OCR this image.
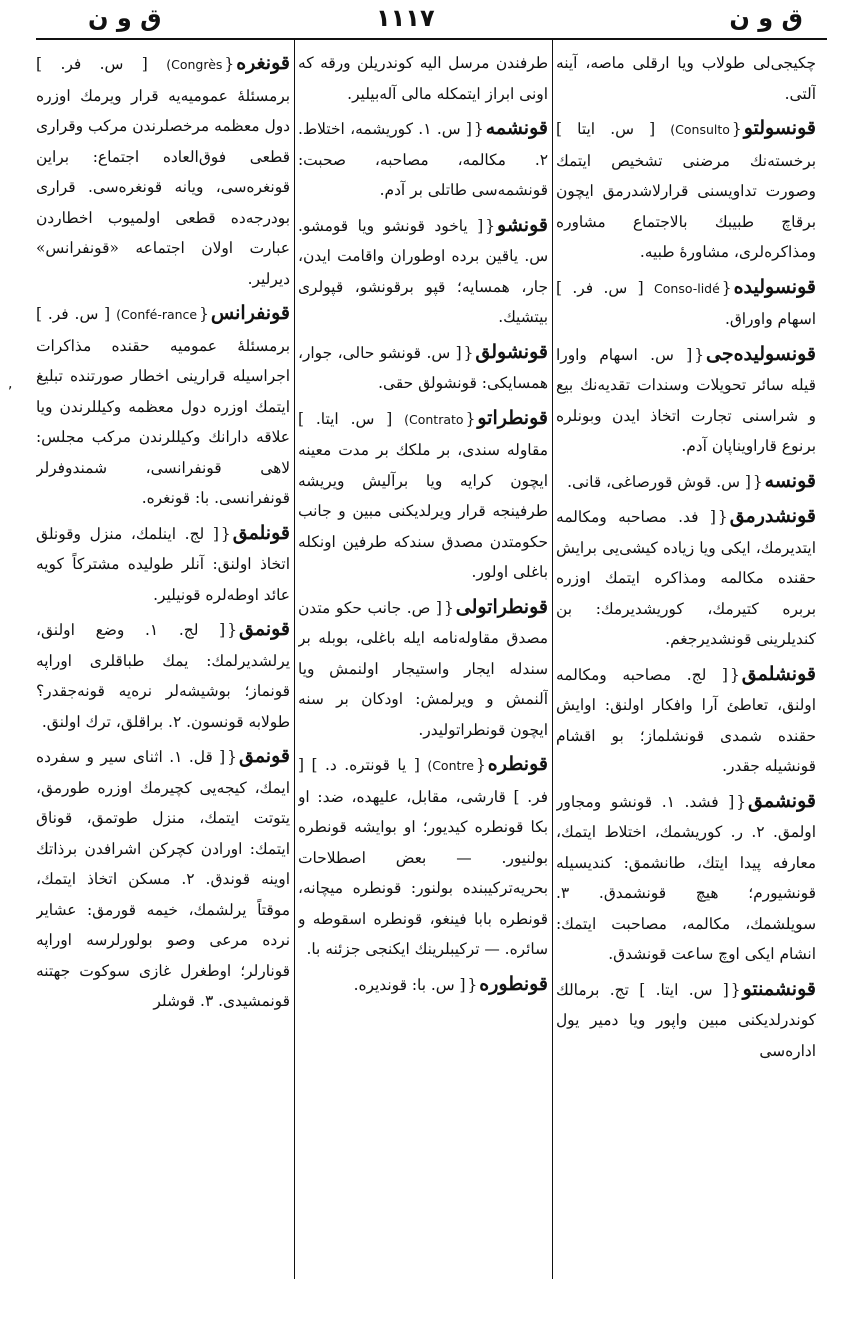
ق و ن
١١١٧
ق و ن
,
چكيجى‌لى طولاب ويا ارقلى ماصه، آينه آلتى.
قونسولتو{(Consulto [ س. ايتا ] برخسته‌نك مرضنى تشخيص ايتمك وصورت تداويسنى قرارلاشدرمق ايچون برقاچ طبيبك بالاجتماع مشاوره ومذاكره‌لرى، مشاورهٔ طبيه.
قونسوليده{Conso-lidé [ س. فر. ] اسهام واوراق.
قونسوليده‌جى{[ س. اسهام واورا قيله سائر تحويلات وسندات تقديه‌نك بيع و شراسنى تجارت اتخاذ ايدن وبونلره برنوع قاراويناپان آدم.
قونسه{[ س. قوش قورصاغى، قانى.
قونشدرمق{[ فد. مصاحبه ومكالمه ايتديرمك، ايكى ويا زياده كيشى‌يى برايش حقنده مكالمه ومذاكره ايتمك اوزره بربره كتيرمك، كوريشديرمك: بن كنديلرينى قونشديرجغم.
قونشلمق{[ لج. مصاحبه ومكالمه اولنق، تعاطئ آرا وافكار اولنق: اوايش حقنده شمدى قونشلماز؛ بو اقشام قونشيله جقدر.
قونشمق{[ فشد. ١. قونشو ومجاور اولمق. ٢. ر. كوريشمك، اختلاط ايتمك، معارفه پيدا ايتك، طانشمق: كنديسيله قونشيورم؛ هيچ قونشمدق. ٣. سويلشمك، مكالمه، مصاحبت ايتمك: انشام ايكى اوچ ساعت قونشدق.
قونشمنتو{[ س. ايتا. ] تج. برمالك كوندرلديكنى مبين واپور ويا دمير يول اداره‌سى
طرفندن مرسل اليه كوندريلن ورقه كه اونى ابراز ايتمكله مالى آله‌بيلير.
قونشمه{[ س. ١. كوريشمه، اختلاط. ٢. مكالمه، مصاحبه، صحبت: قونشمه‌سى طاتلى بر آدم.
قونشو{[ ياخود قونشو ويا قومشو. س. ياقين برده اوطوران واقامت ايدن، جار، همسايه؛ قپو برقونشو، قپولرى بيتشيك.
قونشولق{[ س. قونشو حالى، جوار، همسايكى: قونشولق حقى.
قونطراتو{(Contrato [ س. ايتا. ] مقاوله سندى، بر ملكك بر مدت معينه ايچون كرايه ويا برآليش ويريشه طرفينجه قرار ويرلديكنى مبين و جانب حكومتدن مصدق سندكه طرفين اونكله باغلى اولور.
قونطراتولى{[ ص. جانب حكو متدن مصدق مقاوله‌نامه ايله باغلى، بوبله بر سندله ايجار واستيجار اولنمش ويا آلنمش و ويرلمش: اودكان بر سنه ايچون قونطراتوليدر.
قونطره{(Contre [ يا قونتره. د. ] [ فر. ] قارشى، مقابل، عليهده، ضد: او بكا قونطره كيديور؛ او بوايشه قونطره بولنيور. — بعض اصطلاحات بحريه‌تركيبنده بولنور: قونطره ميچانه، قونطره بابا فينغو، قونطره اسقوطه و سائره. — تركيبلرينك ايكنجى جزئنه با.
قونطوره{[ س. با: قونديره.
قونغره{(Congrès [ س. فر. ] برمسئلهٔ عموميه‌يه قرار ويرمك اوزره دول معظمه مرخصلرندن مركب وقرارى قطعى فوق‌العاده اجتماع: براين قونغره‌سى، ويانه قونغره‌سى. قرارى بودرجه‌ده قطعى اولميوب اخطاردن عبارت اولان اجتماعه «قونفرانس» ديرلير.
قونفرانس{(Confé-rance [ س. فر. ] برمسئلهٔ عموميه حقنده مذاكرات اجراسيله قرارينى اخطار صورتنده تبليغ ايتمك اوزره دول معظمه وكيللرندن ويا علاقه دارانك وكيللرندن مركب مجلس: لاهى قونفرانسى، شمندوفرلر قونفرانسى. با: قونغره.
قونلمق{[ لج. اينلمك، منزل وقونلق اتخاذ اولنق: آنلر طوليده مشتركاً كويه عائد اوطه‌لره قونيلير.
قونمق{[ لج. ١. وضع اولنق، يرلشديرلمك: يمك طباقلرى اوراپه قونماز؛ بوشيشه‌لر نره‌يه قونه‌جقدر؟ طولابه قونسون. ٢. براقلق، ترك اولنق.
قونمق{[ قل. ١. اثناى سير و سفرده ايمك، كيجه‌يى كچيرمك اوزره طورمق، يتوتت ايتمك، منزل طوتمق، قوناق ايتمك: اورادن كچركن اشرافدن برذاتك اوينه قوندق. ٢. مسكن اتخاذ ايتمك، موقتاً يرلشمك، خيمه قورمق: عشاير نرده مرعى وصو بولورلرسه اوراپه قونارلر؛ اوطغرل غازى سوكوت جهتنه قونمشيدى. ٣. قوشلر
